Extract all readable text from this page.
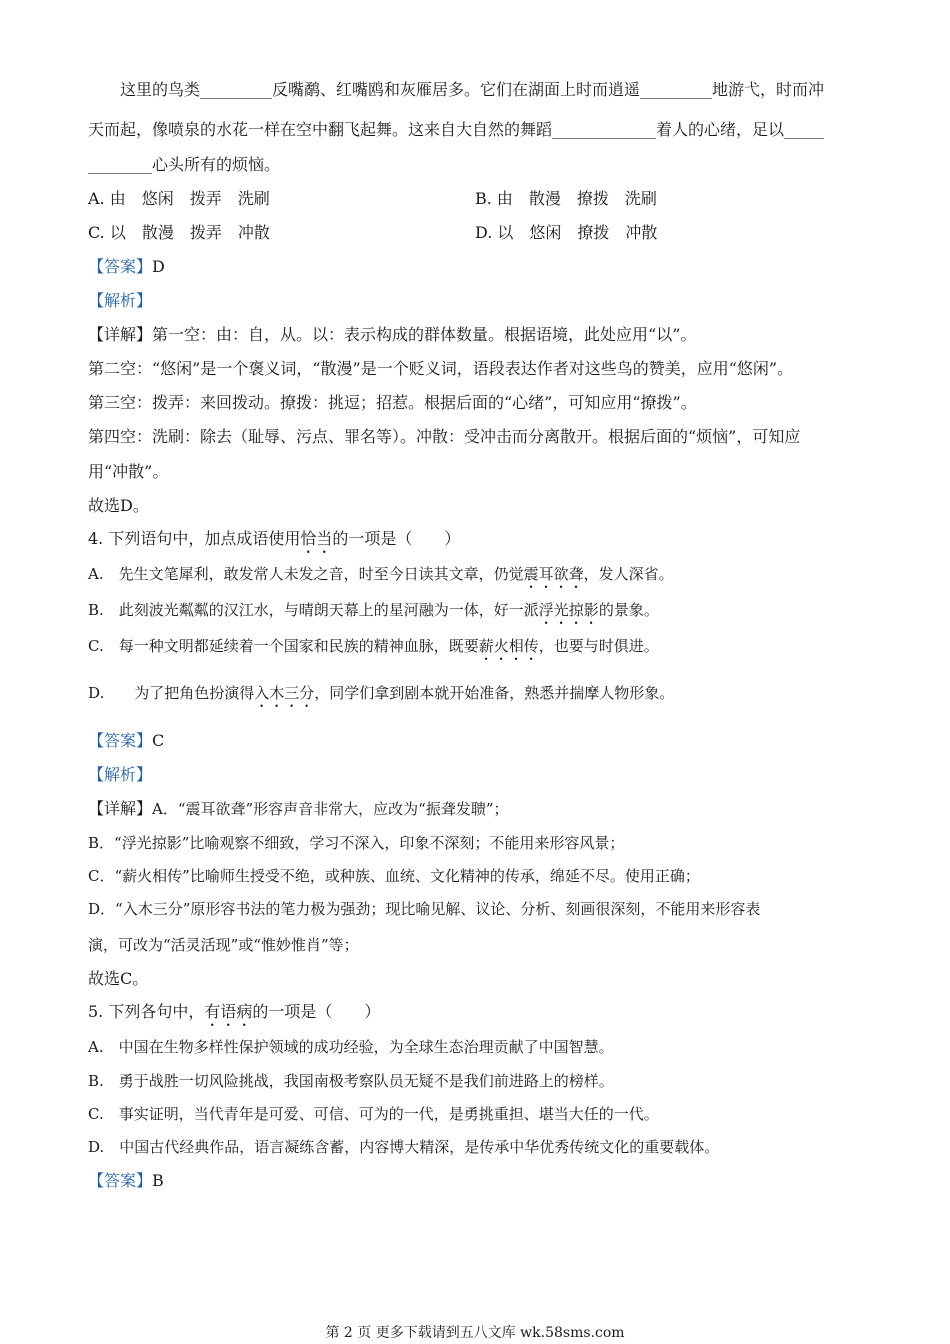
这里的鸟类_________反嘴鹬、红嘴鸥和灰雁居多。它们在湖面上时而逍遥_________地游弋，时而冲
天而起，像喷泉的水花一样在空中翻飞起舞。这来自大自然的舞蹈_____________着人的心绪，足以_____
________心头所有的烦恼。
A. 由　悠闲　拨弄　洗刷	B. 由　散漫　撩拨　洗刷
C. 以　散漫　拨弄　冲散	D. 以　悠闲　撩拨　冲散
【答案】D
【解析】
【详解】第一空：由：自，从。以：表示构成的群体数量。根据语境，此处应用“以”。
第二空：“悠闲”是一个褒义词，“散漫”是一个贬义词，语段表达作者对这些鸟的赞美，应用“悠闲”。
第三空：拨弄：来回拨动。撩拨：挑逗；招惹。根据后面的“心绪”，可知应用“撩拨”。
第四空：洗刷：除去（耻辱、污点、罪名等）。冲散：受冲击而分离散开。根据后面的“烦恼”，可知应
用“冲散”。
故选D。
4. 下列语句中，加点成语使用恰当的一项是（　　）
A.　先生文笔犀利，敢发常人未发之音，时至今日读其文章，仍觉震耳欲聋，发人深省。
B.　此刻波光粼粼的汉江水，与晴朗天幕上的星河融为一体，好一派浮光掠影的景象。
C.　每一种文明都延续着一个国家和民族的精神血脉，既要薪火相传，也要与时俱进。
D.　　为了把角色扮演得入木三分，同学们拿到剧本就开始准备，熟悉并揣摩人物形象。
【答案】C
【解析】
【详解】A．“震耳欲聋”形容声音非常大，应改为“振聋发聩”；
B．“浮光掠影”比喻观察不细致，学习不深入，印象不深刻；不能用来形容风景；
C．“薪火相传”比喻师生授受不绝，或种族、血统、文化精神的传承，绵延不尽。使用正确；
D．“入木三分”原形容书法的笔力极为强劲；现比喻见解、议论、分析、刻画很深刻，不能用来形容表
演，可改为“活灵活现”或“惟妙惟肖”等；
故选C。
5. 下列各句中，有语病的一项是（　　）
A.　中国在生物多样性保护领域的成功经验，为全球生态治理贡献了中国智慧。
B.　勇于战胜一切风险挑战，我国南极考察队员无疑不是我们前进路上的榜样。
C.　事实证明，当代青年是可爱、可信、可为的一代，是勇挑重担、堪当大任的一代。
D.　中国古代经典作品，语言凝练含蓄，内容博大精深，是传承中华优秀传统文化的重要载体。
【答案】B
第 2 页 更多下载请到五八文库 wk.58sms.com
